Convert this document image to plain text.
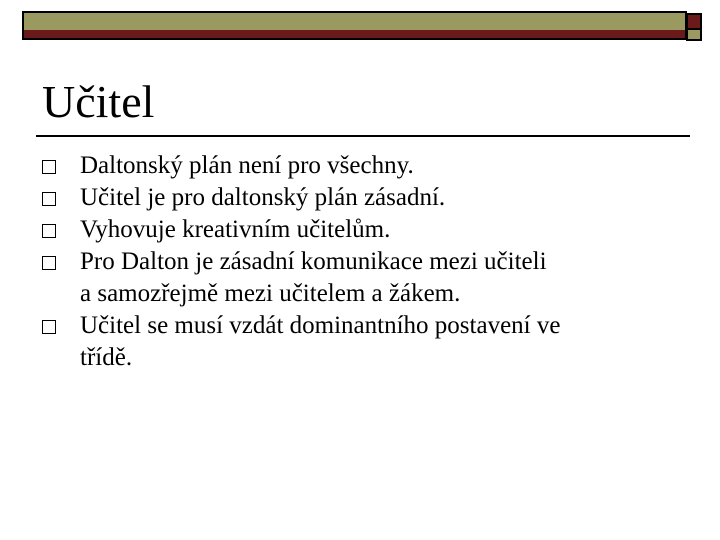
Učitel
Daltonský plán není pro všechny.
Učitel je pro daltonský plán zásadní.
Vyhovuje kreativním učitelům.
Pro Dalton je zásadní komunikace mezi učiteli
a samozřejmě mezi učitelem a žákem.
Učitel se musí vzdát dominantního postavení ve
třídě.
